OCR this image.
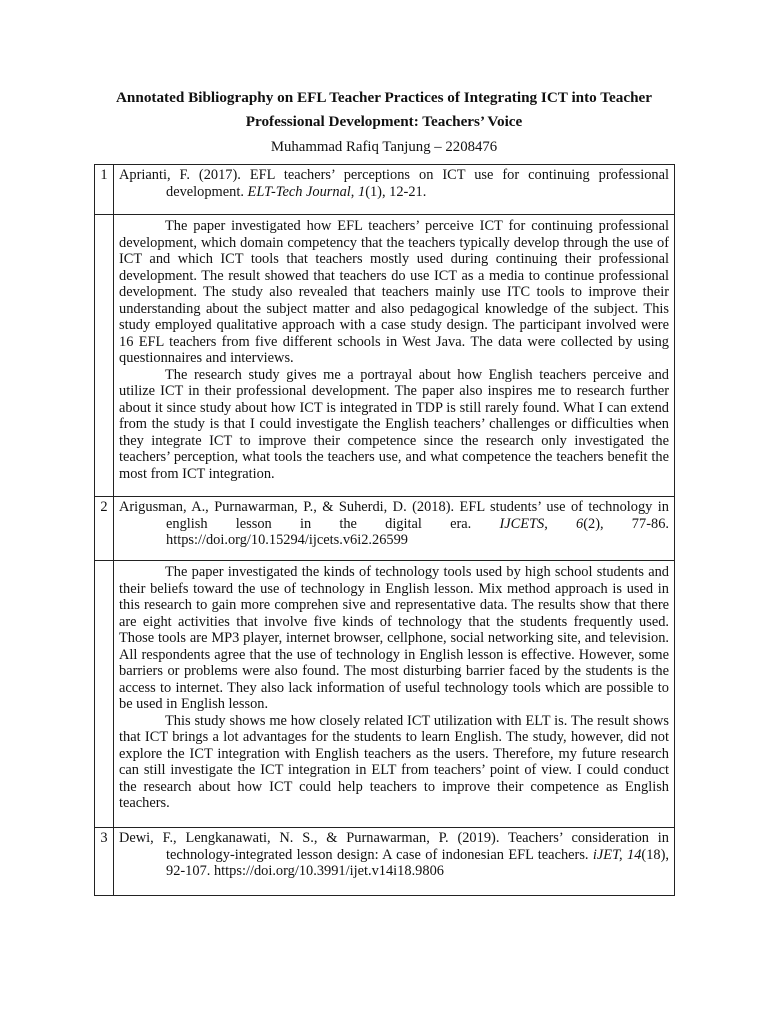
Annotated Bibliography on EFL Teacher Practices of Integrating ICT into Teacher
Professional Development: Teachers’ Voice
Muhammad Rafiq Tanjung – 2208476
1	Aprianti, F. (2017). EFL teachers’ perceptions on ICT use for continuing professional development. ELT-Tech Journal, 1(1), 12-21.

	The paper investigated how EFL teachers’ perceive ICT for continuing professional development, which domain competency that the teachers typically develop through the use of ICT and which ICT tools that teachers mostly used during continuing their professional development. The result showed that teachers do use ICT as a media to continue professional development. The study also revealed that teachers mainly use ITC tools to improve their understanding about the subject matter and also pedagogical knowledge of the subject. This study employed qualitative approach with a case study design. The participant involved were 16 EFL teachers from five different schools in West Java. The data were collected by using questionnaires and interviews.

The research study gives me a portrayal about how English teachers perceive and utilize ICT in their professional development. The paper also inspires me to research further about it since study about how ICT is integrated in TDP is still rarely found. What I can extend from the study is that I could investigate the English teachers’ challenges or difficulties when they integrate ICT to improve their competence since the research only investigated the teachers’ perception, what tools the teachers use, and what competence the teachers benefit the most from ICT integration.

2	Arigusman, A., Purnawarman, P., & Suherdi, D. (2018). EFL students’ use of technology in english lesson in the digital era. IJCETS, 6(2), 77-86. https://doi.org/10.15294/ijcets.v6i2.26599

	The paper investigated the kinds of technology tools used by high school students and their beliefs toward the use of technology in English lesson. Mix method approach is used in this research to gain more comprehen sive and representative data. The results show that there are eight activities that involve five kinds of technology that the students frequently used. Those tools are MP3 player, internet browser, cellphone, social networking site, and television. All respondents agree that the use of technology in English lesson is effective. However, some barriers or problems were also found. The most disturbing barrier faced by the students is the access to internet. They also lack information of useful technology tools which are possible to be used in English lesson.

This study shows me how closely related ICT utilization with ELT is. The result shows that ICT brings a lot advantages for the students to learn English. The study, however, did not explore the ICT integration with English teachers as the users. Therefore, my future research can still investigate the ICT integration in ELT from teachers’ point of view. I could conduct the research about how ICT could help teachers to improve their competence as English teachers.

3	Dewi, F., Lengkanawati, N. S., & Purnawarman, P. (2019). Teachers’ consideration in technology-integrated lesson design: A case of indonesian EFL teachers. iJET, 14(18), 92-107. https://doi.org/10.3991/ijet.v14i18.9806
